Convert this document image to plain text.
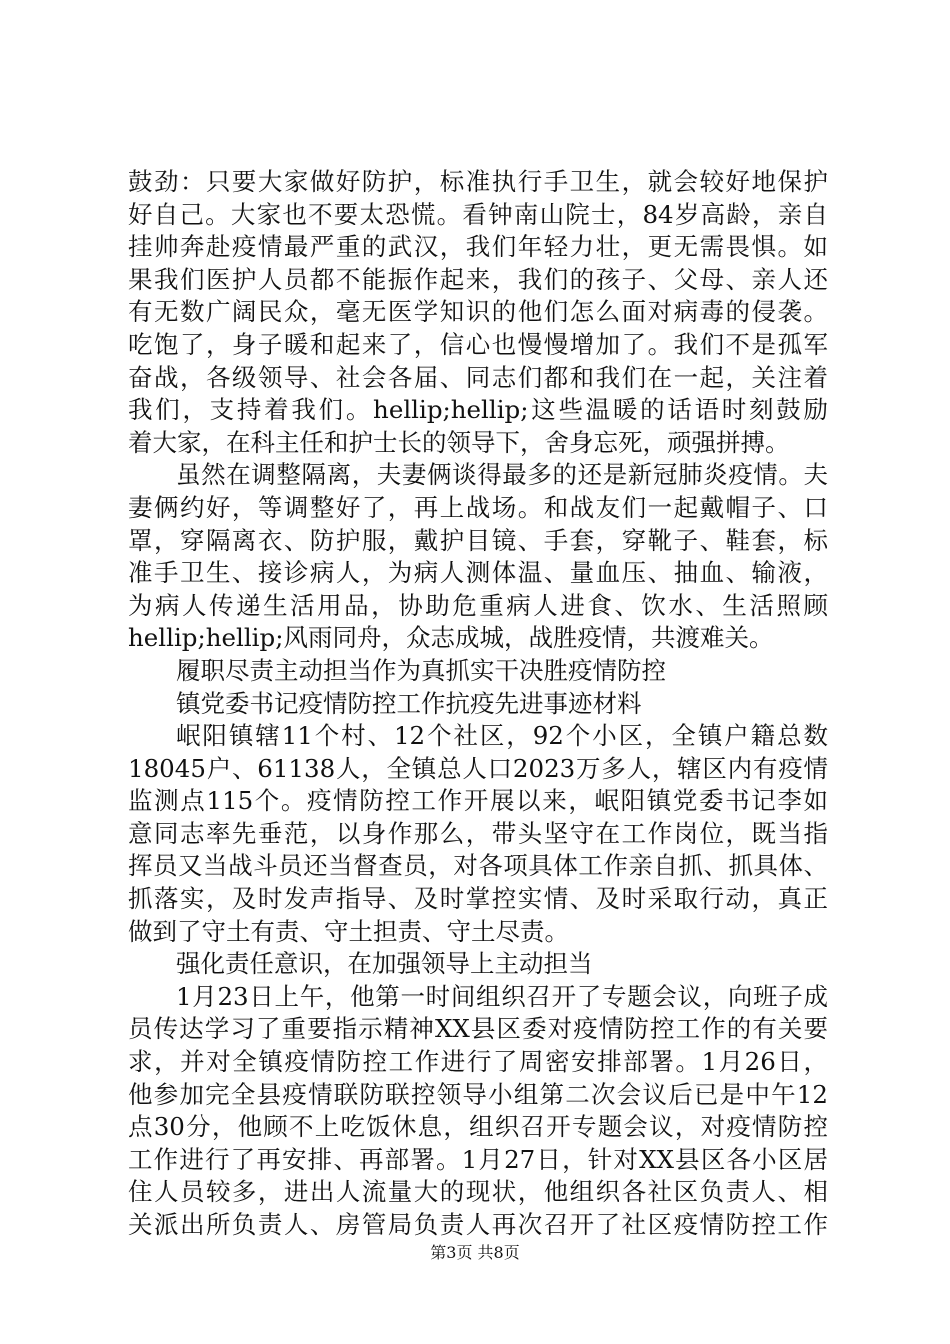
鼓劲：只要大家做好防护，标准执行手卫生，就会较好地保护
好自己。大家也不要太恐慌。看钟南山院士，84岁高龄，亲自
挂帅奔赴疫情最严重的武汉，我们年轻力壮，更无需畏惧。如
果我们医护人员都不能振作起来，我们的孩子、父母、亲人还
有无数广阔民众，毫无医学知识的他们怎么面对病毒的侵袭。
吃饱了，身子暖和起来了，信心也慢慢增加了。我们不是孤军
奋战，各级领导、社会各届、同志们都和我们在一起，关注着
我们，支持着我们。hellip;hellip;这些温暖的话语时刻鼓励
着大家，在科主任和护士长的领导下，舍身忘死，顽强拼搏。
虽然在调整隔离，夫妻俩谈得最多的还是新冠肺炎疫情。夫
妻俩约好，等调整好了，再上战场。和战友们一起戴帽子、口
罩，穿隔离衣、防护服，戴护目镜、手套，穿靴子、鞋套，标
准手卫生、接诊病人，为病人测体温、量血压、抽血、输液，
为病人传递生活用品，协助危重病人进食、饮水、生活照顾
hellip;hellip;风雨同舟，众志成城，战胜疫情，共渡难关。
履职尽责主动担当作为真抓实干决胜疫情防控
镇党委书记疫情防控工作抗疫先进事迹材料
岷阳镇辖11个村、12个社区，92个小区，全镇户籍总数
18045户、61138人，全镇总人口2023万多人，辖区内有疫情
监测点115个。疫情防控工作开展以来，岷阳镇党委书记李如
意同志率先垂范，以身作那么，带头坚守在工作岗位，既当指
挥员又当战斗员还当督查员，对各项具体工作亲自抓、抓具体、
抓落实，及时发声指导、及时掌控实情、及时采取行动，真正
做到了守土有责、守土担责、守土尽责。
强化责任意识，在加强领导上主动担当
1月23日上午，他第一时间组织召开了专题会议，向班子成
员传达学习了重要指示精神XX县区委对疫情防控工作的有关要
求，并对全镇疫情防控工作进行了周密安排部署。1月26日，
他参加完全县疫情联防联控领导小组第二次会议后已是中午12
点30分，他顾不上吃饭休息，组织召开专题会议，对疫情防控
工作进行了再安排、再部署。1月27日，针对XX县区各小区居
住人员较多，进出人流量大的现状，他组织各社区负责人、相
关派出所负责人、房管局负责人再次召开了社区疫情防控工作
第3页 共8页
